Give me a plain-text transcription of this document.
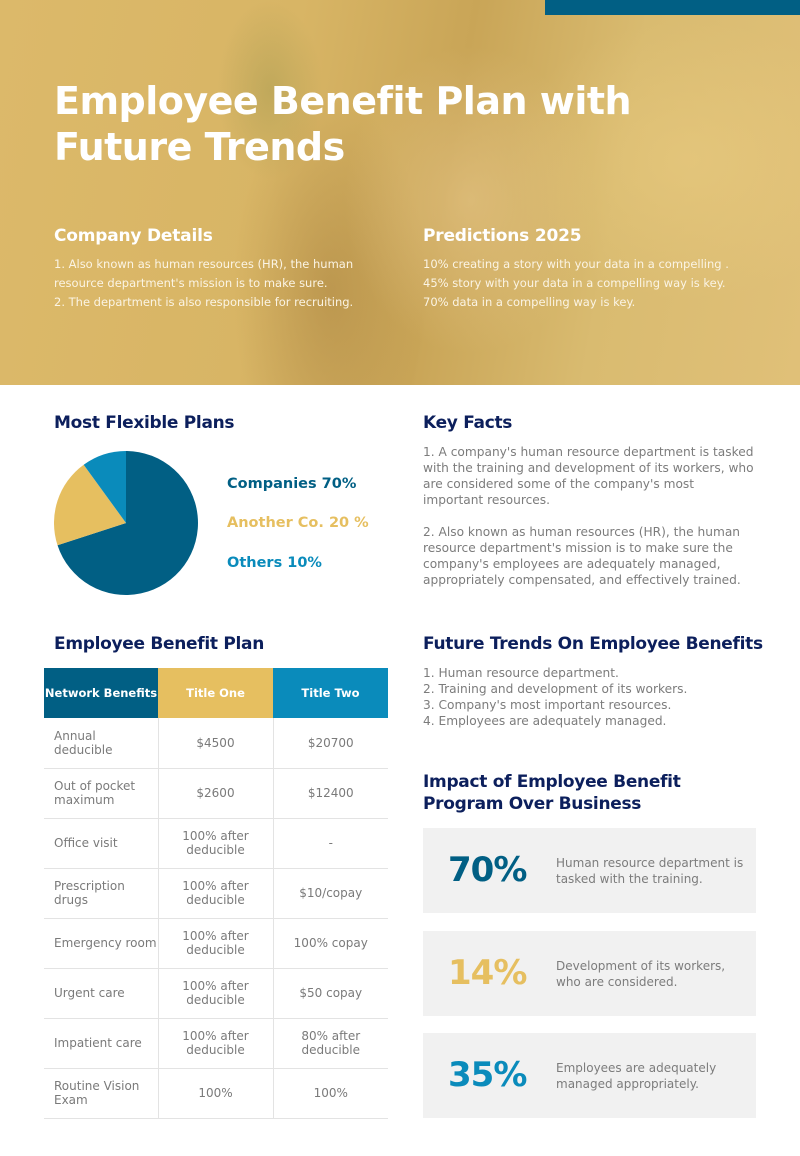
Employee Benefit Plan with Future Trends
Company Details

1. Also known as human resources (HR), the human resource department's mission is to make sure.

2. The department is also responsible for recruiting.

Predictions 2025

10% creating a story with your data in a compelling .

45% story with your data in a compelling way is key.

70% data in a compelling way is key.

Most Flexible Plans
Companies 70%
Another Co. 20 %
Others 10%
Key Facts

1. A company's human resource department is tasked with the training and development of its workers, who are considered some of the company's most important resources.

2. Also known as human resources (HR), the human resource department's mission is to make sure the company's employees are adequately managed, appropriately compensated, and effectively trained.

Employee Benefit Plan
Network Benefits	Title One	Title Two
Annual deducible	$4500	$20700
Out of pocket maximum	$2600	$12400
Office visit	100% after deducible	-
Prescription drugs	100% after deducible	$10/copay
Emergency room	100% after deducible	100% copay
Urgent care	100% after deducible	$50 copay
Impatient care	100% after deducible	80% after deducible
Routine Vision Exam	100%	100%
Future Trends On Employee Benefits
1. Human resource department.
2. Training and development of its workers.
3. Company's most important resources.
4. Employees are adequately managed.
Impact of Employee Benefit Program Over Business
70%	Human resource department is tasked with the training.
14%	Development of its workers, who are considered.
35%	Employees are adequately managed appropriately.
